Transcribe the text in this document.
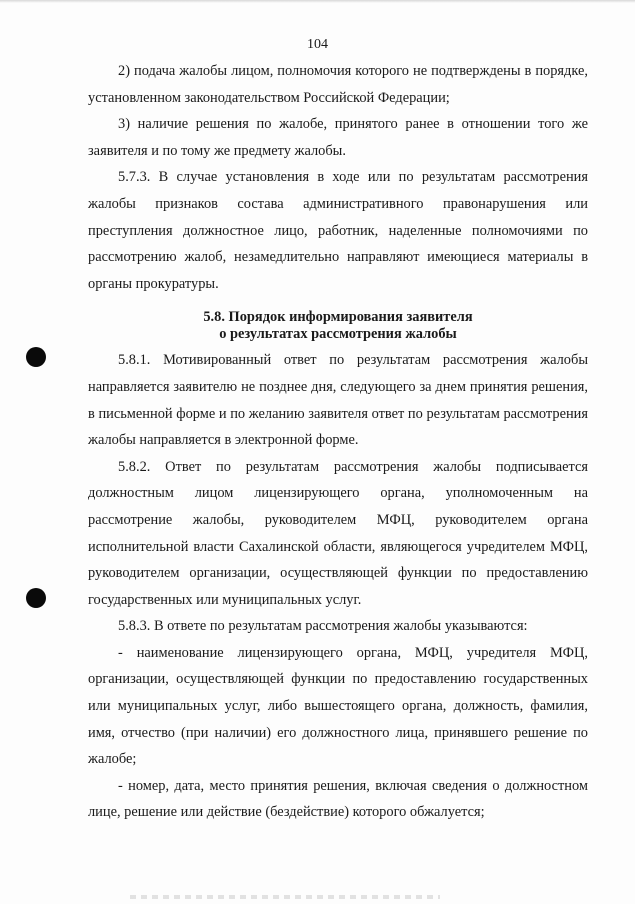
104

2) подача жалобы лицом, полномочия которого не подтверждены в порядке, установленном законодательством Российской Федерации;

3) наличие решения по жалобе, принятого ранее в отношении того же заявителя и по тому же предмету жалобы.

5.7.3. В случае установления в ходе или по результатам рассмотрения жалобы признаков состава административного правонарушения или преступления должностное лицо, работник, наделенные полномочиями по рассмотрению жалоб, незамедлительно направляют имеющиеся материалы в органы прокуратуры.

5.8. Порядок информирования заявителя
о результатах рассмотрения жалобы

5.8.1. Мотивированный ответ по результатам рассмотрения жалобы направляется заявителю не позднее дня, следующего за днем принятия решения, в письменной форме и по желанию заявителя ответ по результатам рассмотрения жалобы направляется в электронной форме.

5.8.2. Ответ по результатам рассмотрения жалобы подписывается должностным лицом лицензирующего органа, уполномоченным на рассмотрение жалобы, руководителем МФЦ, руководителем органа исполнительной власти Сахалинской области, являющегося учредителем МФЦ, руководителем организации, осуществляющей функции по предоставлению государственных или муниципальных услуг.

5.8.3. В ответе по результатам рассмотрения жалобы указываются:

- наименование лицензирующего органа, МФЦ, учредителя МФЦ, организации, осуществляющей функции по предоставлению государственных или муниципальных услуг, либо вышестоящего органа, должность, фамилия, имя, отчество (при наличии) его должностного лица, принявшего решение по жалобе;

- номер, дата, место принятия решения, включая сведения о должностном лице, решение или действие (бездействие) которого обжалуется;
